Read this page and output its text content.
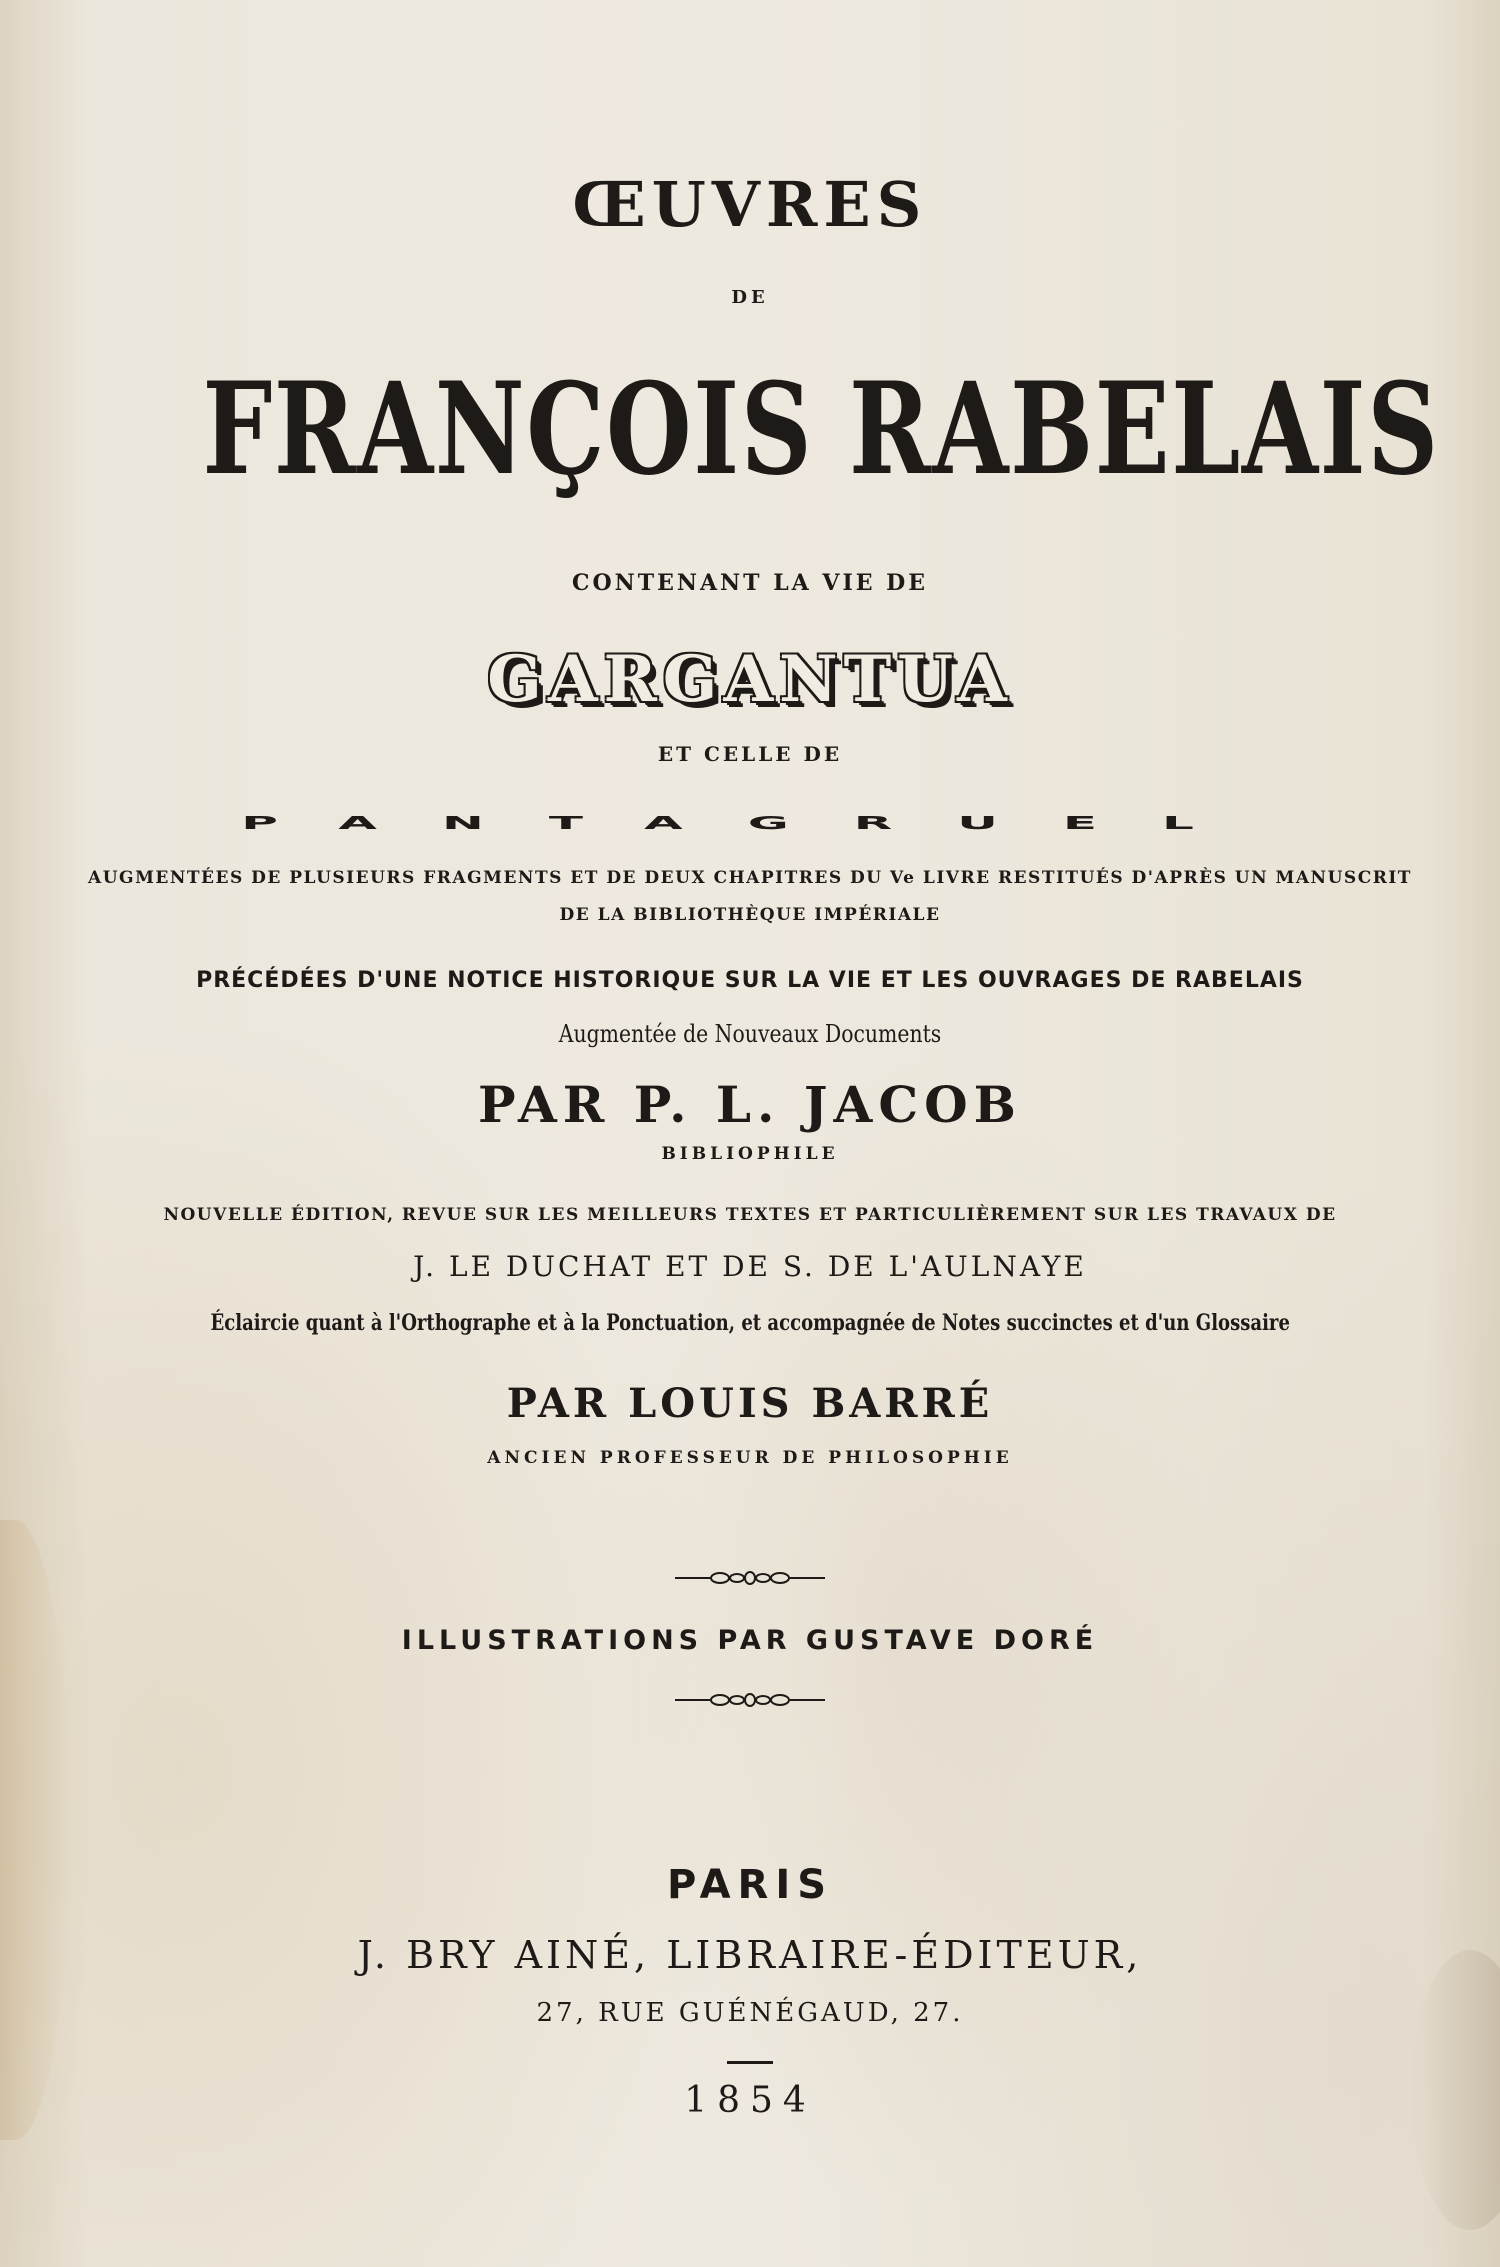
ŒUVRES
DE
FRANÇOIS RABELAIS
CONTENANT LA VIE DE
GARGANTUA
ET CELLE DE
PANTAGRUEL
AUGMENTÉES DE PLUSIEURS FRAGMENTS ET DE DEUX CHAPITRES DU Ve LIVRE RESTITUÉS D'APRÈS UN MANUSCRIT
DE LA BIBLIOTHÈQUE IMPÉRIALE
PRÉCÉDÉES D'UNE NOTICE HISTORIQUE SUR LA VIE ET LES OUVRAGES DE RABELAIS
Augmentée de Nouveaux Documents
PAR P. L. JACOB
BIBLIOPHILE
NOUVELLE ÉDITION, REVUE SUR LES MEILLEURS TEXTES ET PARTICULIÈREMENT SUR LES TRAVAUX DE
J. LE DUCHAT ET DE S. DE L'AULNAYE
Éclaircie quant à l'Orthographe et à la Ponctuation, et accompagnée de Notes succinctes et d'un Glossaire
PAR LOUIS BARRÉ
ANCIEN PROFESSEUR DE PHILOSOPHIE
ILLUSTRATIONS PAR GUSTAVE DORÉ
PARIS
J. BRY AINÉ, LIBRAIRE-ÉDITEUR,
27, RUE GUÉNÉGAUD, 27.
1854
